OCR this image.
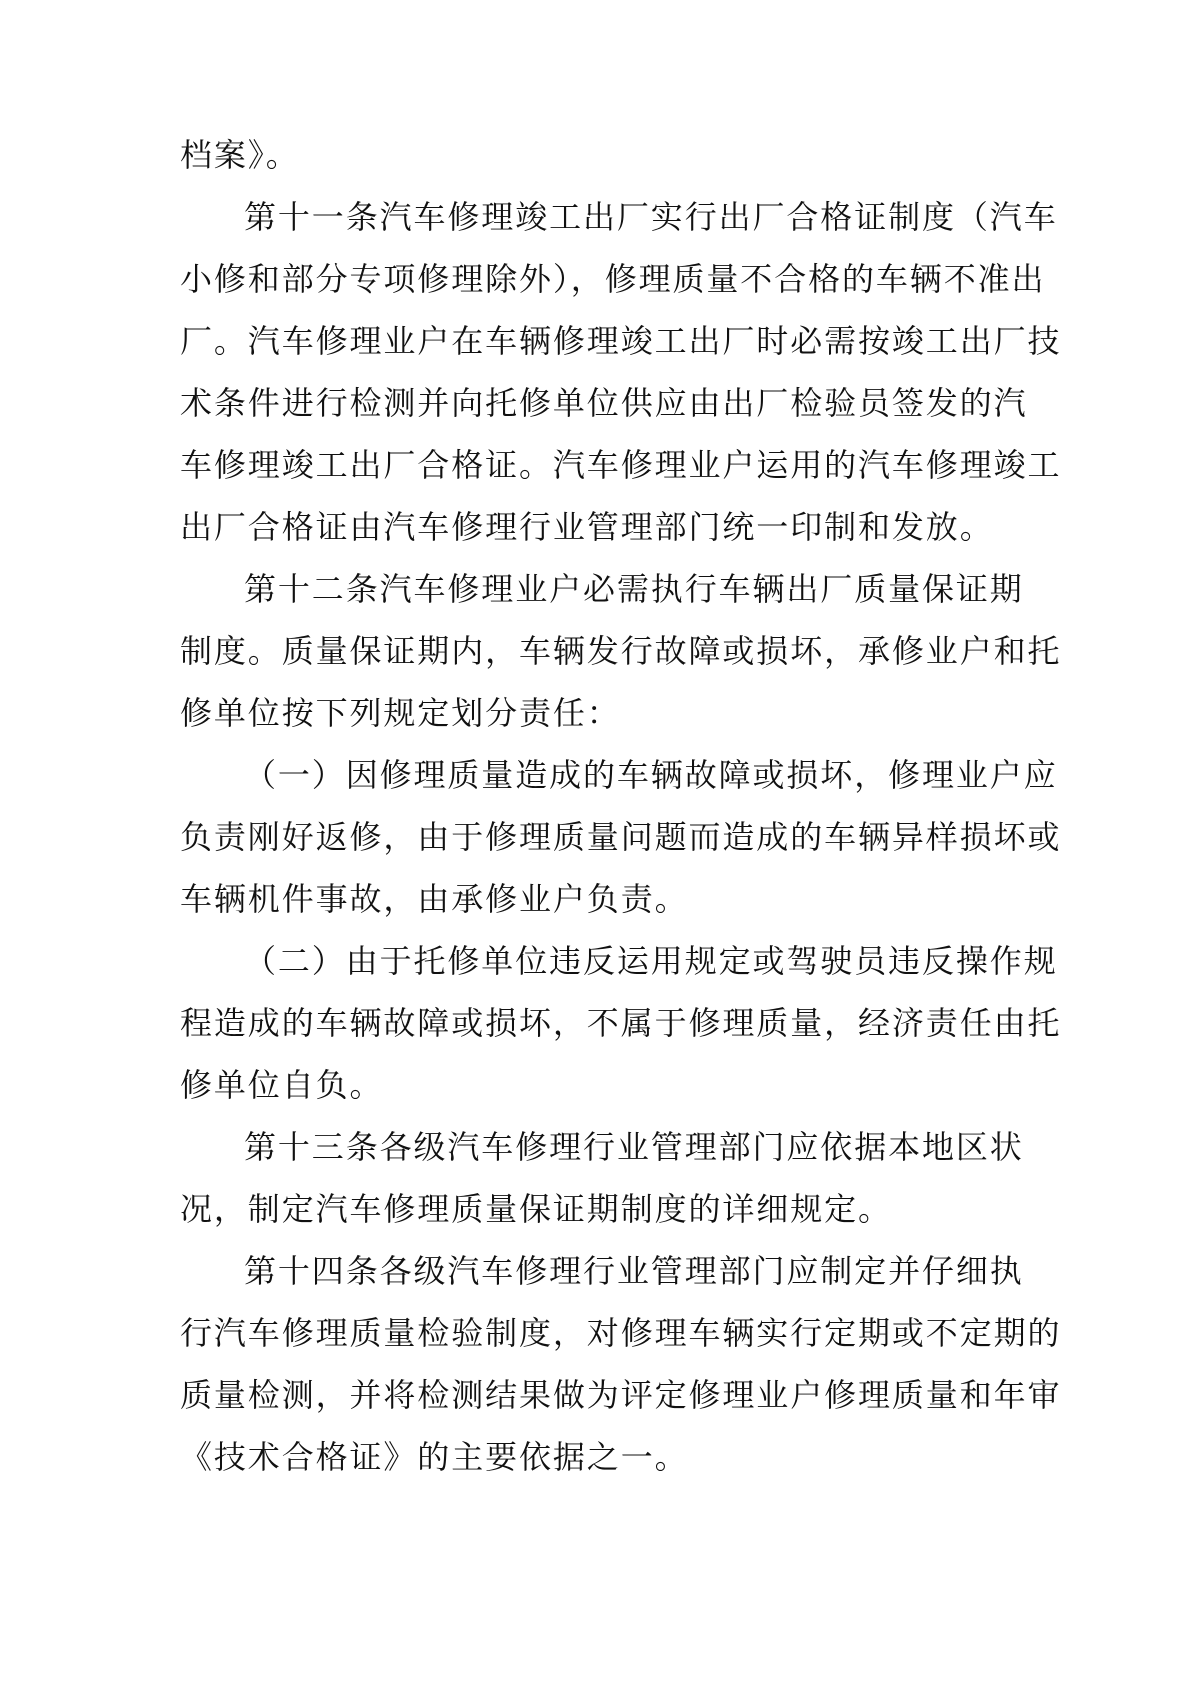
档案》。
第十一条汽车修理竣工出厂实行出厂合格证制度（汽车
小修和部分专项修理除外），修理质量不合格的车辆不准出
厂。汽车修理业户在车辆修理竣工出厂时必需按竣工出厂技
术条件进行检测并向托修单位供应由出厂检验员签发的汽
车修理竣工出厂合格证。汽车修理业户运用的汽车修理竣工
出厂合格证由汽车修理行业管理部门统一印制和发放。
第十二条汽车修理业户必需执行车辆出厂质量保证期
制度。质量保证期内，车辆发行故障或损坏，承修业户和托
修单位按下列规定划分责任：
（一）因修理质量造成的车辆故障或损坏，修理业户应
负责刚好返修，由于修理质量问题而造成的车辆异样损坏或
车辆机件事故，由承修业户负责。
（二）由于托修单位违反运用规定或驾驶员违反操作规
程造成的车辆故障或损坏，不属于修理质量，经济责任由托
修单位自负。
第十三条各级汽车修理行业管理部门应依据本地区状
况，制定汽车修理质量保证期制度的详细规定。
第十四条各级汽车修理行业管理部门应制定并仔细执
行汽车修理质量检验制度，对修理车辆实行定期或不定期的
质量检测，并将检测结果做为评定修理业户修理质量和年审
《技术合格证》的主要依据之一。
